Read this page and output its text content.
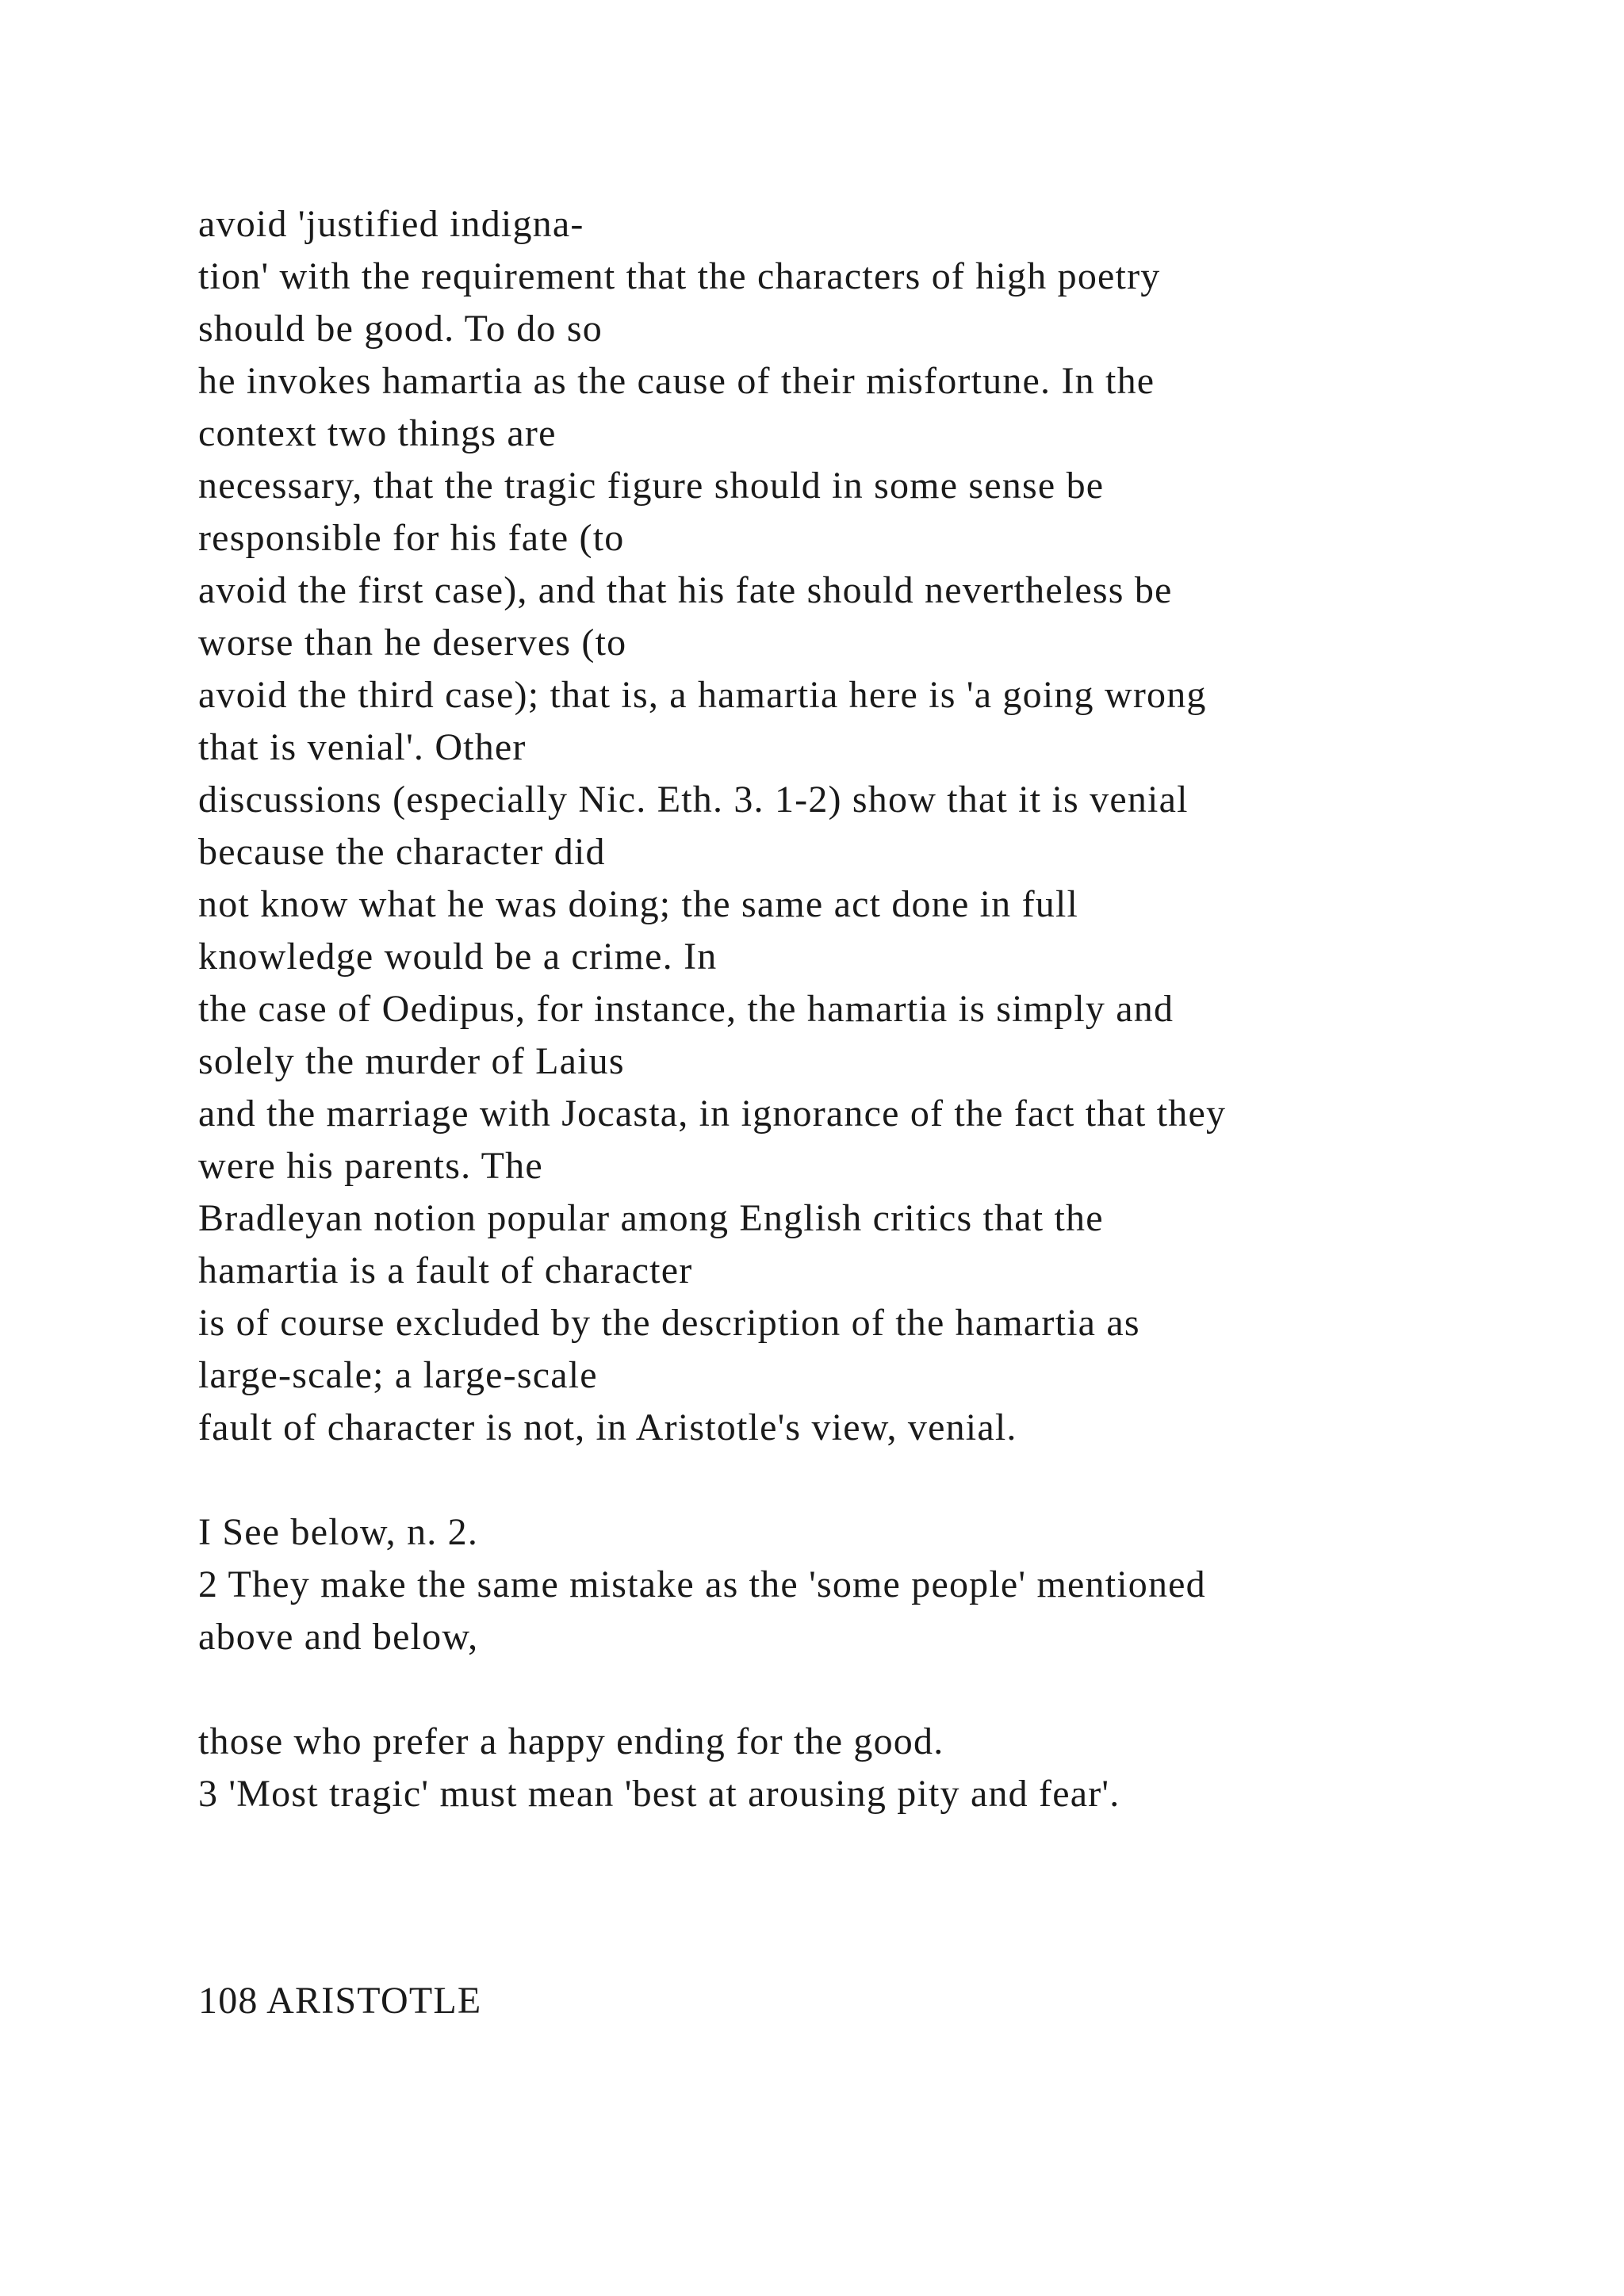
avoid 'justified indigna-
tion' with the requirement that the characters of high poetry
should be good. To do so
he invokes hamartia as the cause of their misfortune. In the
context two things are
necessary, that the tragic figure should in some sense be
responsible for his fate (to
avoid the first case), and that his fate should nevertheless be
worse than he deserves (to
avoid the third case); that is, a hamartia here is 'a going wrong
that is venial'. Other
discussions (especially Nic. Eth. 3. 1-2) show that it is venial
because the character did
not know what he was doing; the same act done in full
knowledge would be a crime. In
the case of Oedipus, for instance, the hamartia is simply and
solely the murder of Laius
and the marriage with Jocasta, in ignorance of the fact that they
were his parents. The
Bradleyan notion popular among English critics that the
hamartia is a fault of character
is of course excluded by the description of the hamartia as
large-scale; a large-scale
fault of character is not, in Aristotle's view, venial.
I See below, n. 2.
2 They make the same mistake as the 'some people' mentioned
above and below,
those who prefer a happy ending for the good.
3 'Most tragic' must mean 'best at arousing pity and fear'.
108 ARISTOTLE
